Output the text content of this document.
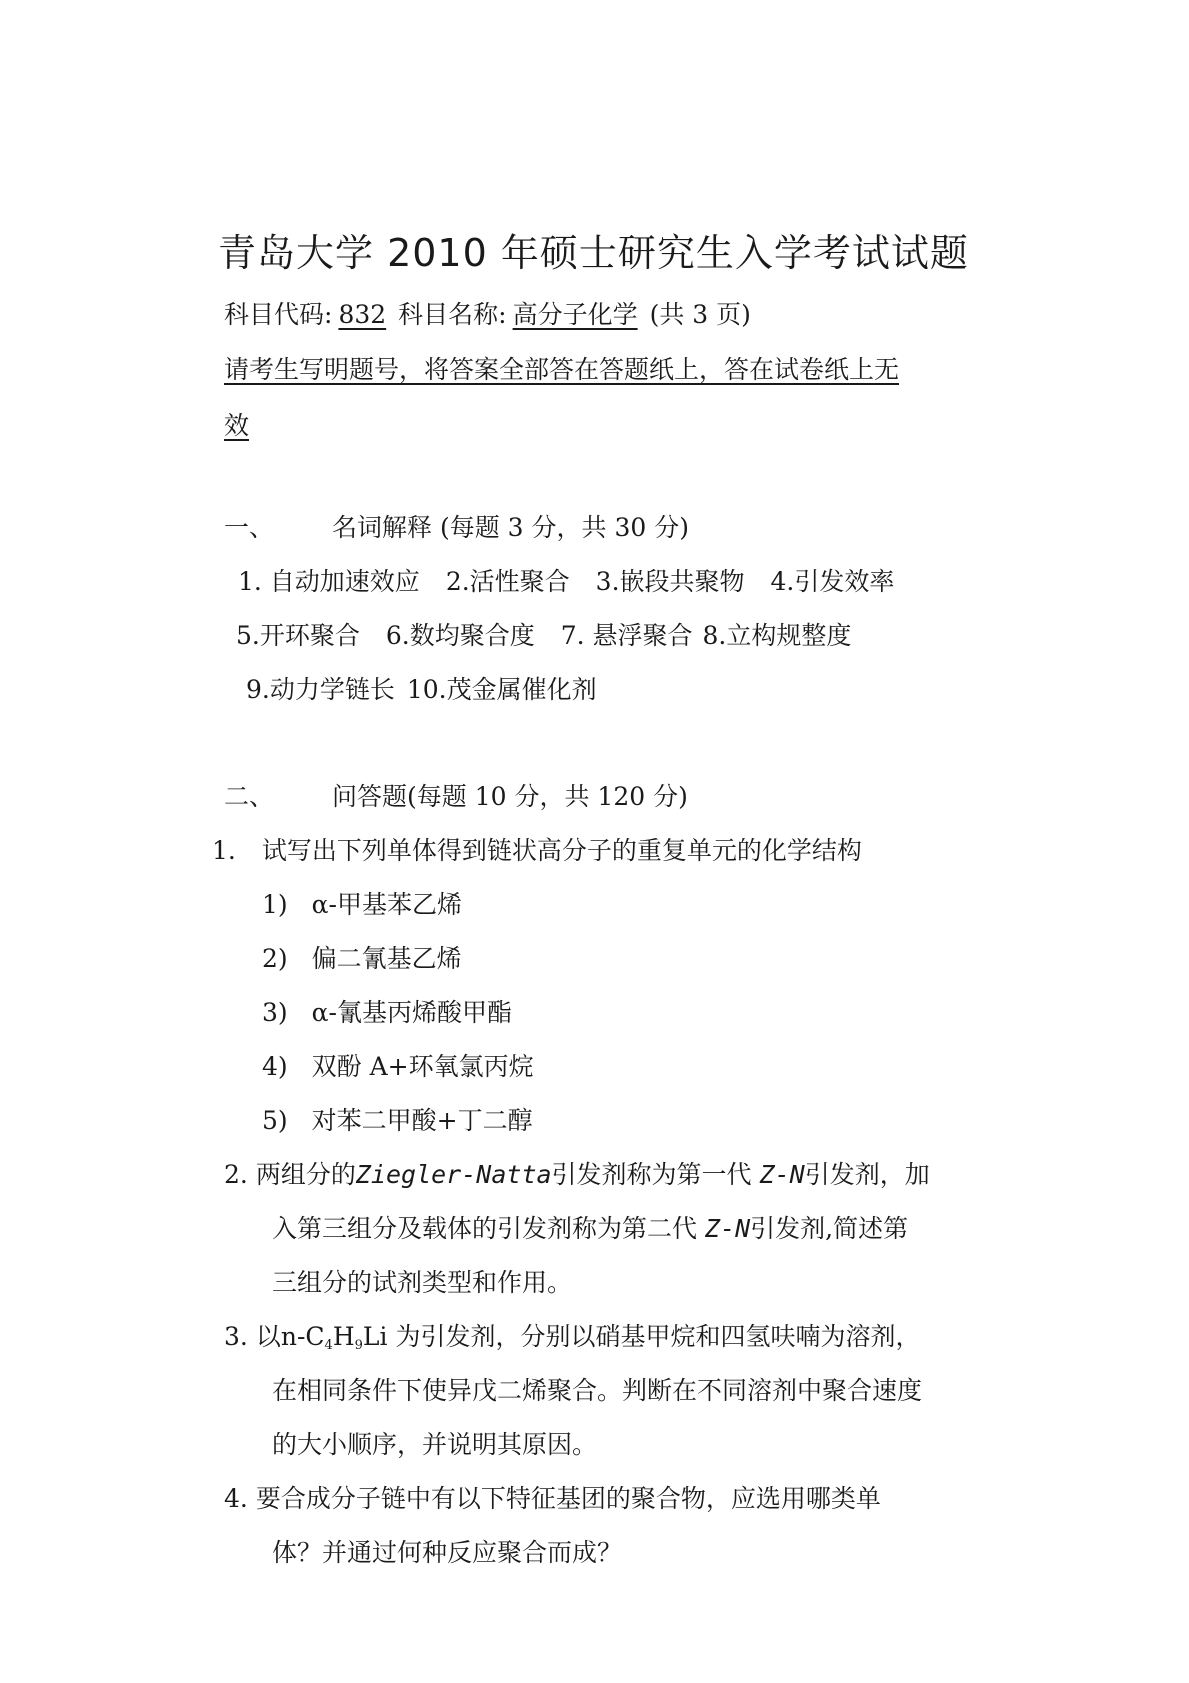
青岛大学 2010 年硕士研究生入学考试试题
科目代码: 832 科目名称: 高分子化学 (共 3 页)
请考生写明题号，将答案全部答在答题纸上，答在试卷纸上无
效
一、 名词解释 (每题 3 分，共 30 分)
1. 自动加速效应 2.活性聚合 3.嵌段共聚物 4.引发效率
5.开环聚合 6.数均聚合度 7. 悬浮聚合 8.立构规整度
9.动力学链长 10.茂金属催化剂
二、 问答题(每题 10 分，共 120 分)
1. 试写出下列单体得到链状高分子的重复单元的化学结构
1) α-甲基苯乙烯
2) 偏二氰基乙烯
3) α-氰基丙烯酸甲酯
4) 双酚 A+环氧氯丙烷
5) 对苯二甲酸+丁二醇
2. 两组分的Ziegler-Natta引发剂称为第一代 Z-N引发剂，加
入第三组分及载体的引发剂称为第二代 Z-N引发剂,简述第
三组分的试剂类型和作用。
3. 以$n-C_4H_9Li$ 为引发剂，分别以硝基甲烷和四氢呋喃为溶剂，
在相同条件下使异戊二烯聚合。判断在不同溶剂中聚合速度
的大小顺序，并说明其原因。
4. 要合成分子链中有以下特征基团的聚合物，应选用哪类单
体？并通过何种反应聚合而成？
